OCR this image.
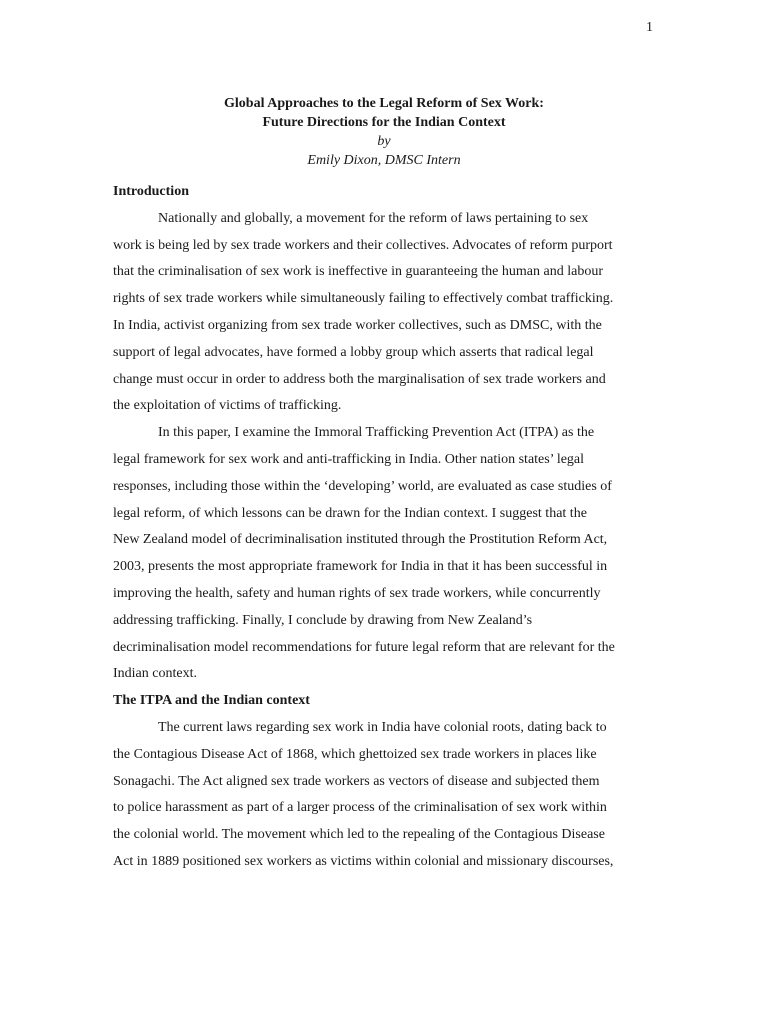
1
Global Approaches to the Legal Reform of Sex Work:
Future Directions for the Indian Context
by
Emily Dixon, DMSC Intern

Introduction

Nationally and globally, a movement for the reform of laws pertaining to sex
work is being led by sex trade workers and their collectives. Advocates of reform purport
that the criminalisation of sex work is ineffective in guaranteeing the human and labour
rights of sex trade workers while simultaneously failing to effectively combat trafficking.
In India, activist organizing from sex trade worker collectives, such as DMSC, with the
support of legal advocates, have formed a lobby group which asserts that radical legal
change must occur in order to address both the marginalisation of sex trade workers and
the exploitation of victims of trafficking.

In this paper, I examine the Immoral Trafficking Prevention Act (ITPA) as the
legal framework for sex work and anti-trafficking in India. Other nation states’ legal
responses, including those within the ‘developing’ world, are evaluated as case studies of
legal reform, of which lessons can be drawn for the Indian context. I suggest that the
New Zealand model of decriminalisation instituted through the Prostitution Reform Act,
2003, presents the most appropriate framework for India in that it has been successful in
improving the health, safety and human rights of sex trade workers, while concurrently
addressing trafficking. Finally, I conclude by drawing from New Zealand’s
decriminalisation model recommendations for future legal reform that are relevant for the
Indian context.

The ITPA and the Indian context

The current laws regarding sex work in India have colonial roots, dating back to
the Contagious Disease Act of 1868, which ghettoized sex trade workers in places like
Sonagachi. The Act aligned sex trade workers as vectors of disease and subjected them
to police harassment as part of a larger process of the criminalisation of sex work within
the colonial world. The movement which led to the repealing of the Contagious Disease
Act in 1889 positioned sex workers as victims within colonial and missionary discourses,
